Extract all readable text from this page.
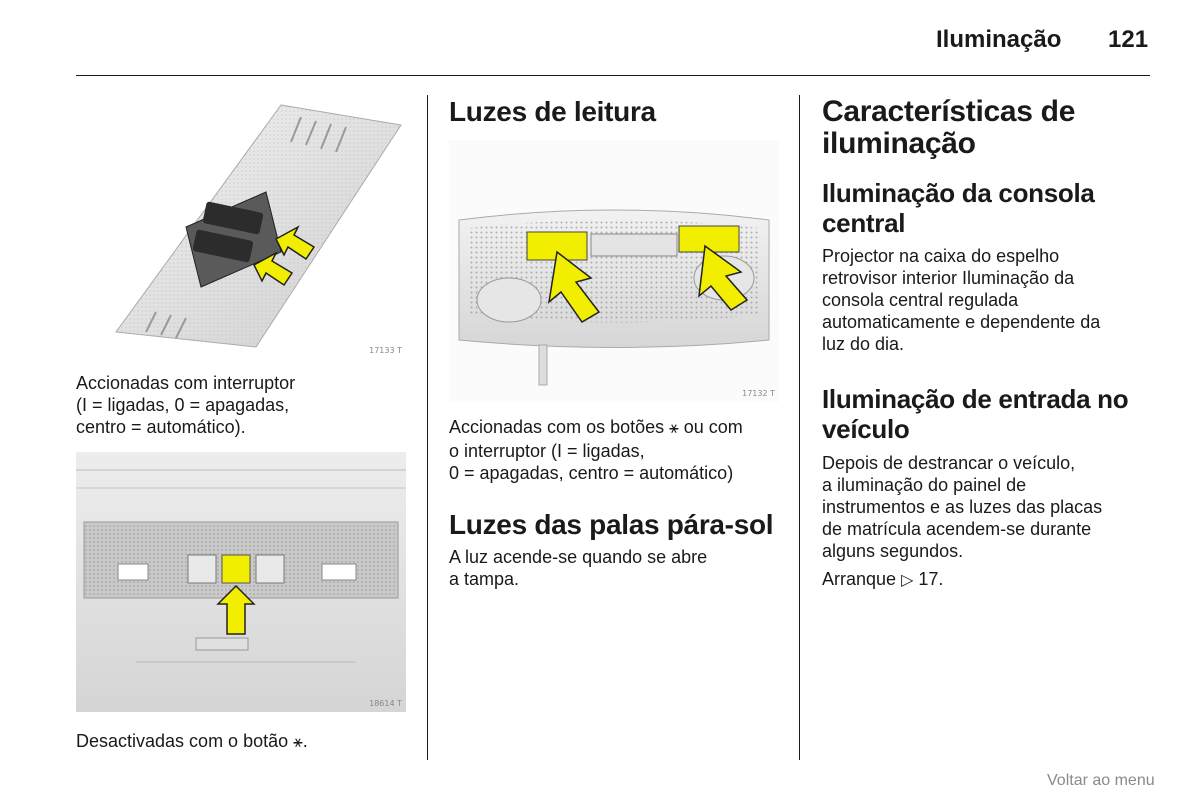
Iluminação 121
17133 T

Accionadas com interruptor
(I = ligadas, 0 = apagadas,
centro = automático).

18614 T

Desactivadas com o botão ⚹.

Luzes de leitura
17132 T

Accionadas com os botões ⚹ ou com
o interruptor (I = ligadas,
0 = apagadas, centro = automático)

Luzes das palas pára-sol

A luz acende-se quando se abre
a tampa.

Características de
iluminação
Iluminação da consola
central

Projector na caixa do espelho
retrovisor interior Iluminação da
consola central regulada
automaticamente e dependente da
luz do dia.

Iluminação de entrada no
veículo

Depois de destrancar o veículo,
a iluminação do painel de
instrumentos e as luzes das placas
de matrícula acendem-se durante
alguns segundos.

Arranque ▷ 17.

Voltar ao menu
